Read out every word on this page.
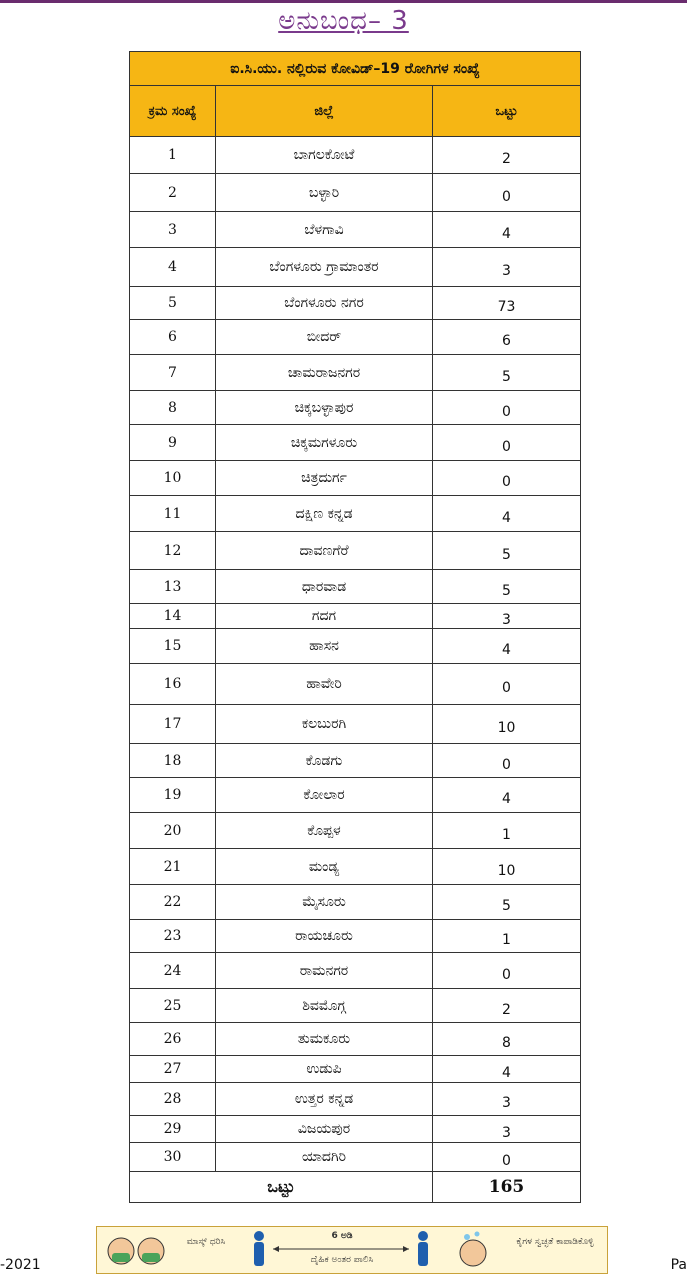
ಅನುಬಂಧ– 3
ಐ.ಸಿ.ಯು. ನಲ್ಲಿರುವ ಕೋವಿಡ್–19 ರೋಗಿಗಳ ಸಂಖ್ಯೆ		
ಕ್ರಮ ಸಂಖ್ಯೆ	ಜಿಲ್ಲೆ	ಒಟ್ಟು
1	ಬಾಗಲಕೋಟೆ	2
2	ಬಳ್ಳಾರಿ	0
3	ಬೆಳಗಾವಿ	4
4	ಬೆಂಗಳೂರು ಗ್ರಾಮಾಂತರ	3
5	ಬೆಂಗಳೂರು ನಗರ	73
6	ಬೀದರ್	6
7	ಚಾಮರಾಜನಗರ	5
8	ಚಿಕ್ಕಬಳ್ಳಾಪುರ	0
9	ಚಿಕ್ಕಮಗಳೂರು	0
10	ಚಿತ್ರದುರ್ಗ	0
11	ದಕ್ಷಿಣ ಕನ್ನಡ	4
12	ದಾವಣಗೆರೆ	5
13	ಧಾರವಾಡ	5
14	ಗದಗ	3
15	ಹಾಸನ	4
16	ಹಾವೇರಿ	0
17	ಕಲಬುರಗಿ	10
18	ಕೊಡಗು	0
19	ಕೋಲಾರ	4
20	ಕೊಪ್ಪಳ	1
21	ಮಂಡ್ಯ	10
22	ಮೈಸೂರು	5
23	ರಾಯಚೂರು	1
24	ರಾಮನಗರ	0
25	ಶಿವಮೊಗ್ಗ	2
26	ತುಮಕೂರು	8
27	ಉಡುಪಿ	4
28	ಉತ್ತರ ಕನ್ನಡ	3
29	ವಿಜಯಪುರ	3
30	ಯಾದಗಿರಿ	0
ಒಟ್ಟು		165
ಮಾಸ್ಕ್ ಧರಿಸಿ
6 ಅಡಿ
ದೈಹಿಕ ಅಂತರ ಪಾಲಿಸಿ
ಕೈಗಳ ಸ್ವಚ್ಛತೆ ಕಾಪಾಡಿಕೊಳ್ಳಿ
-2021	Pa
